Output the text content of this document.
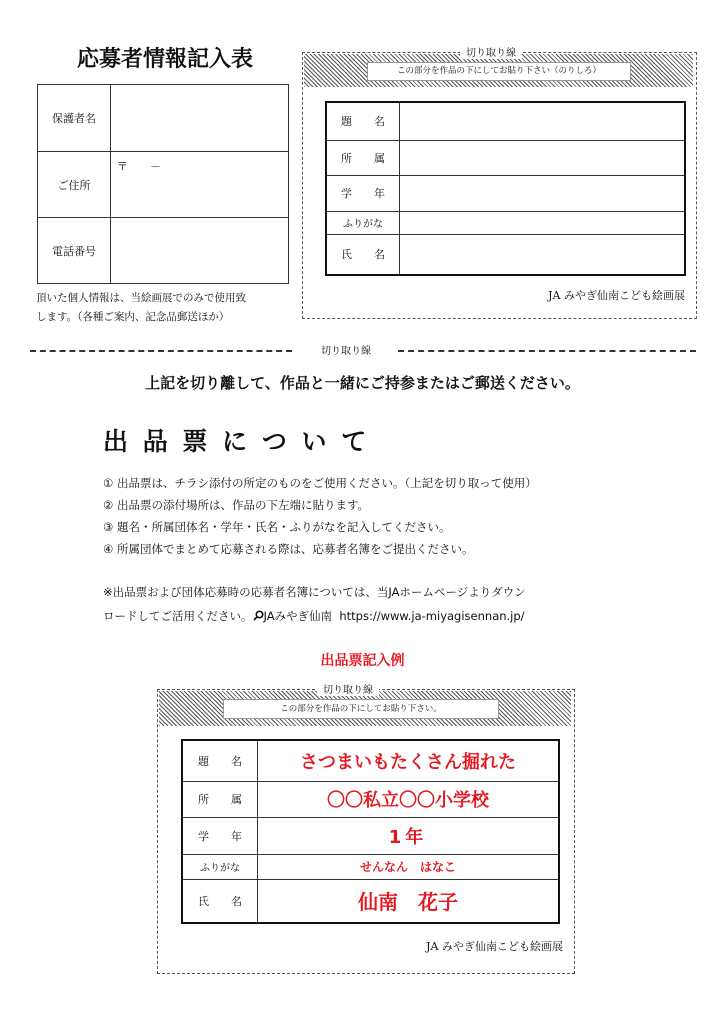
応募者情報記入表
保護者名	
ご住所	〒　　－
電話番号	
頂いた個人情報は、当絵画展でのみで使用致
します。（各種ご案内、記念品郵送ほか）
切り取り線
この部分を作品の下にしてお貼り下さい（のりしろ）
題　　名	
所　　属	
学　　年	
ふりがな	
氏　　名	
JA みやぎ仙南こども絵画展
切り取り線
上記を切り離して、作品と一緒にご持参またはご郵送ください。
出 品 票 に つ い て
① 出品票は、チラシ添付の所定のものをご使用ください。（上記を切り取って使用）
② 出品票の添付場所は、作品の下左端に貼ります。
③ 題名・所属団体名・学年・氏名・ふりがなを記入してください。
④ 所属団体でまとめて応募される際は、応募者名簿をご提出ください。
※出品票および団体応募時の応募者名簿については、当JAホームページよりダウン
ロードしてご活用ください。 JAみやぎ仙南 https://www.ja-miyagisennan.jp/
出品票記入例
切り取り線
この部分を作品の下にしてお貼り下さい。
題　　名	さつまいもたくさん掘れた
所　　属	〇〇私立〇〇小学校
学　　年	1年
ふりがな	せんなん　はなこ
氏　　名	仙南　花子
JA みやぎ仙南こども絵画展
